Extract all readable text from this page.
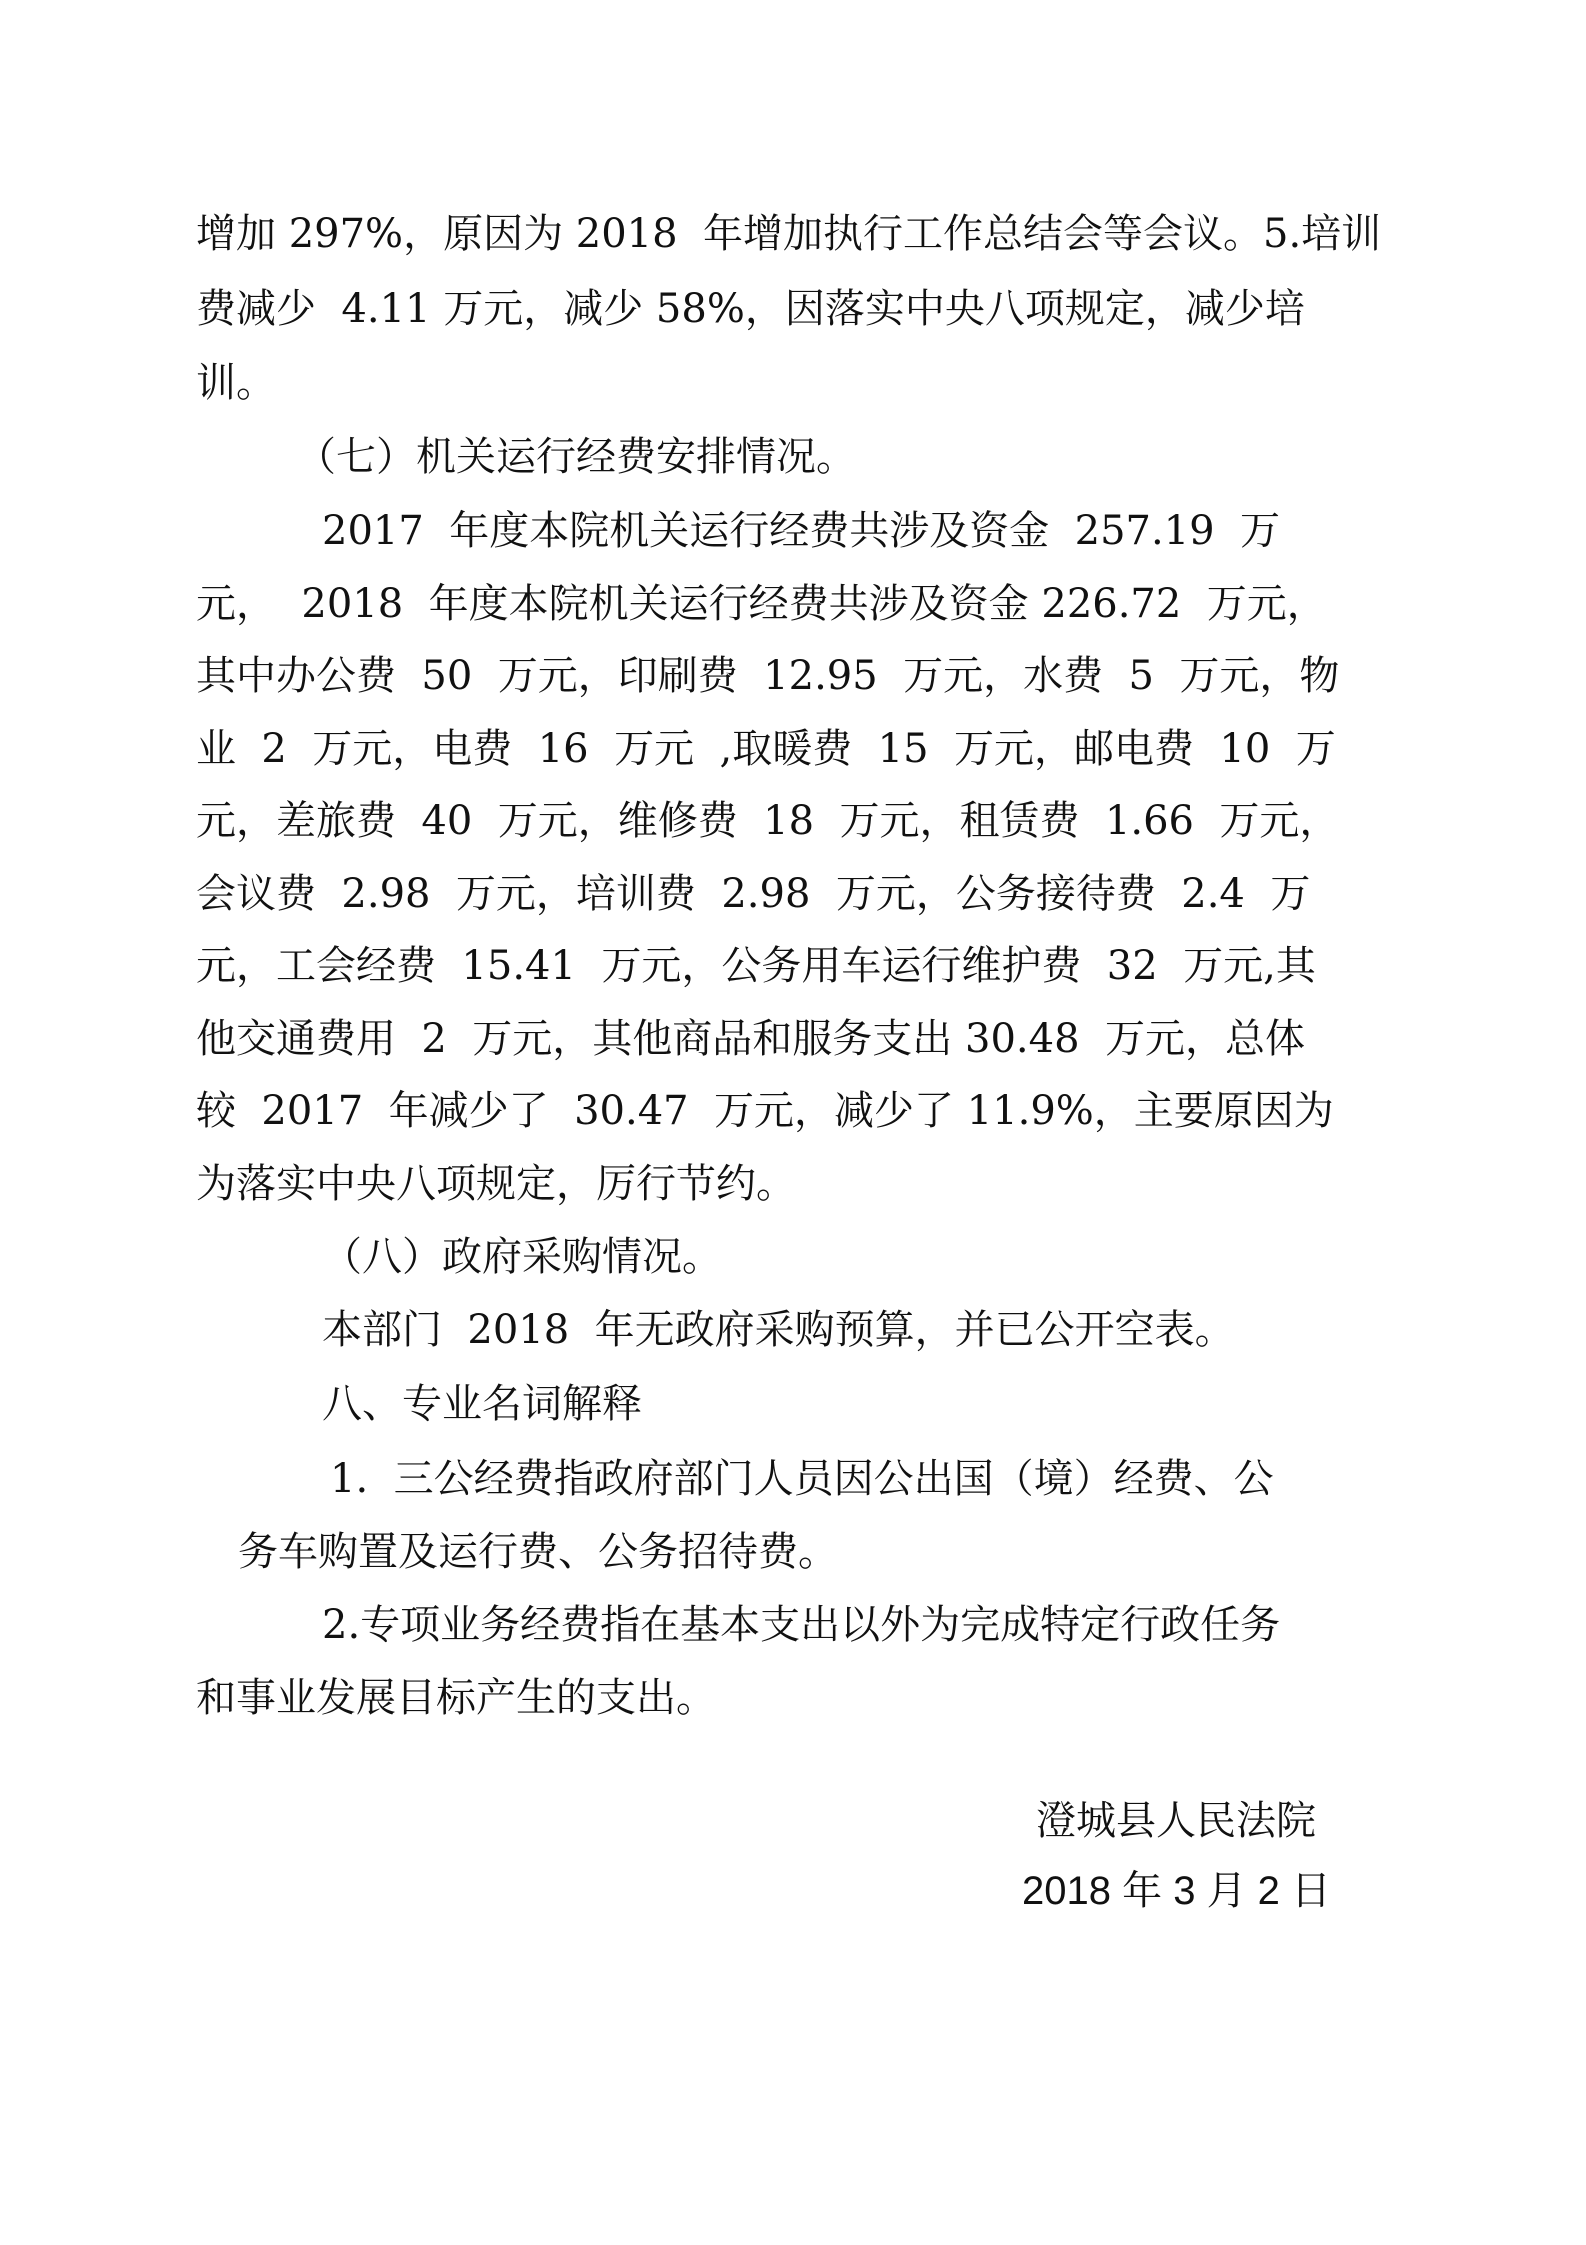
增加 297%，原因为 2018  年增加执行工作总结会等会议。5.培训
费减少  4.11 万元，减少 58%，因落实中央八项规定，减少培
训。
（七）机关运行经费安排情况。
2017  年度本院机关运行经费共涉及资金  257.19  万
元，  2018  年度本院机关运行经费共涉及资金 226.72  万元，
其中办公费  50  万元，印刷费  12.95  万元，水费  5  万元，物
业  2  万元，电费  16  万元  ,取暖费  15  万元，邮电费  10  万
元，差旅费  40  万元，维修费  18  万元，租赁费  1.66  万元，
会议费  2.98  万元，培训费  2.98  万元，公务接待费  2.4  万
元，工会经费  15.41  万元，公务用车运行维护费  32  万元,其
他交通费用  2  万元，其他商品和服务支出 30.48  万元，总体
较  2017  年减少了  30.47  万元，减少了 11.9%，主要原因为
为落实中央八项规定，厉行节约。
（八）政府采购情况。
本部门  2018  年无政府采购预算，并已公开空表。
八、专业名词解释
1.  三公经费指政府部门人员因公出国（境）经费、公
务车购置及运行费、公务招待费。
2.专项业务经费指在基本支出以外为完成特定行政任务
和事业发展目标产生的支出。
澄城县人民法院
2018 年 3 月 2 日
